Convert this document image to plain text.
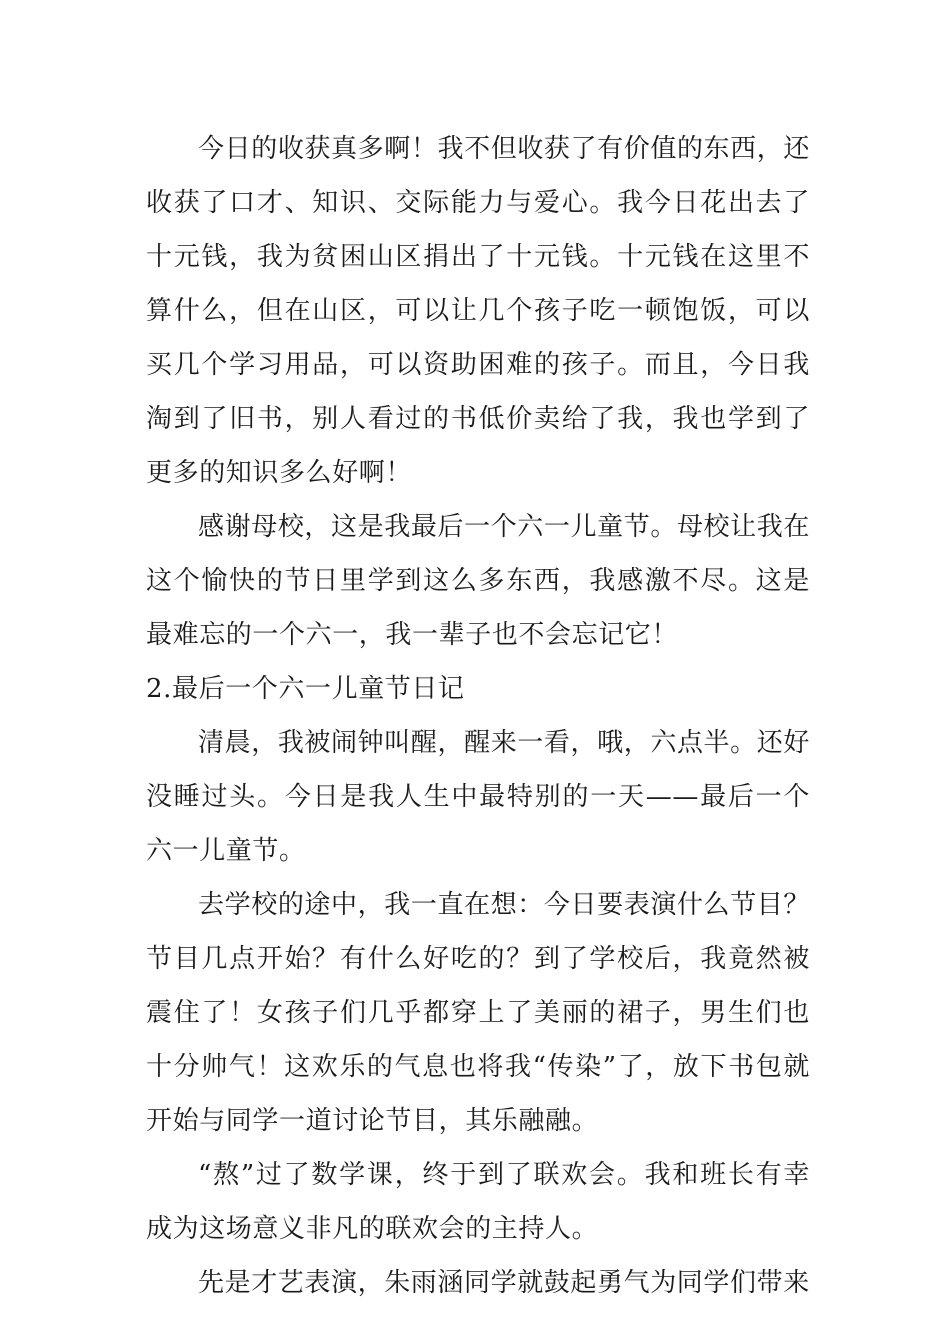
今日的收获真多啊！我不但收获了有价值的东西，还收获了口才、知识、交际能力与爱心。我今日花出去了十元钱，我为贫困山区捐出了十元钱。十元钱在这里不算什么，但在山区，可以让几个孩子吃一顿饱饭，可以买几个学习用品，可以资助困难的孩子。而且，今日我淘到了旧书，别人看过的书低价卖给了我，我也学到了更多的知识多么好啊！

感谢母校，这是我最后一个六一儿童节。母校让我在这个愉快的节日里学到这么多东西，我感激不尽。这是最难忘的一个六一，我一辈子也不会忘记它！

2.最后一个六一儿童节日记

清晨，我被闹钟叫醒，醒来一看，哦，六点半。还好没睡过头。今日是我人生中最特别的一天——最后一个六一儿童节。

去学校的途中，我一直在想：今日要表演什么节目？节目几点开始？有什么好吃的？到了学校后，我竟然被震住了！女孩子们几乎都穿上了美丽的裙子，男生们也十分帅气！这欢乐的气息也将我“传染”了，放下书包就开始与同学一道讨论节目，其乐融融。

“熬”过了数学课，终于到了联欢会。我和班长有幸成为这场意义非凡的联欢会的主持人。

先是才艺表演，朱雨涵同学就鼓起勇气为同学们带来
